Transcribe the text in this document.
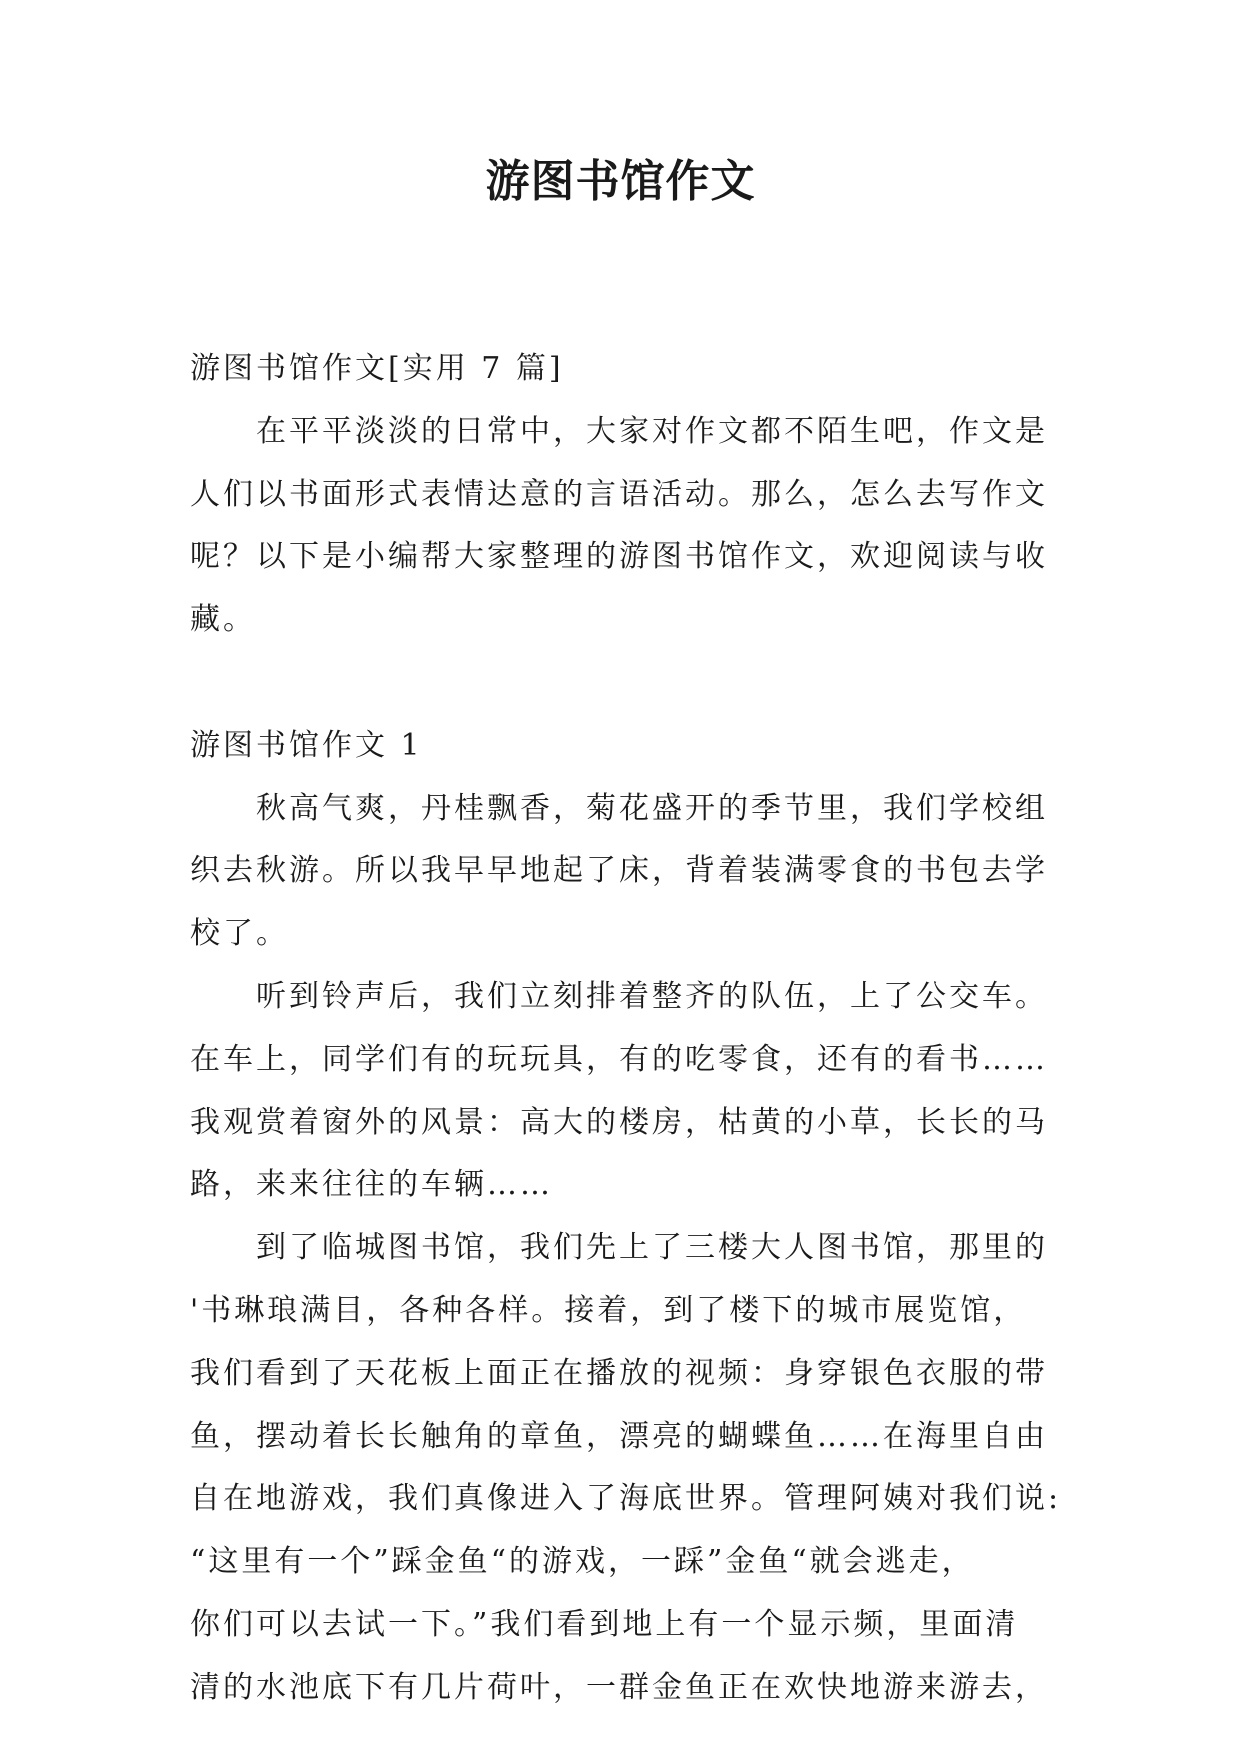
游图书馆作文
游图书馆作文[实用 7 篇]
在平平淡淡的日常中，大家对作文都不陌生吧，作文是
人们以书面形式表情达意的言语活动。那么，怎么去写作文
呢？以下是小编帮大家整理的游图书馆作文，欢迎阅读与收
藏。
游图书馆作文 1
秋高气爽，丹桂飘香，菊花盛开的季节里，我们学校组
织去秋游。所以我早早地起了床，背着装满零食的书包去学
校了。
听到铃声后，我们立刻排着整齐的队伍，上了公交车。
在车上，同学们有的玩玩具，有的吃零食，还有的看书……
我观赏着窗外的风景：高大的楼房，枯黄的小草，长长的马
路，来来往往的车辆……
到了临城图书馆，我们先上了三楼大人图书馆，那里的
'书琳琅满目，各种各样。接着，到了楼下的城市展览馆，
我们看到了天花板上面正在播放的视频：身穿银色衣服的带
鱼，摆动着长长触角的章鱼，漂亮的蝴蝶鱼……在海里自由
自在地游戏，我们真像进入了海底世界。管理阿姨对我们说:
“这里有一个”踩金鱼“的游戏，一踩”金鱼“就会逃走，
你们可以去试一下。”我们看到地上有一个显示频，里面清
清的水池底下有几片荷叶，一群金鱼正在欢快地游来游去，
